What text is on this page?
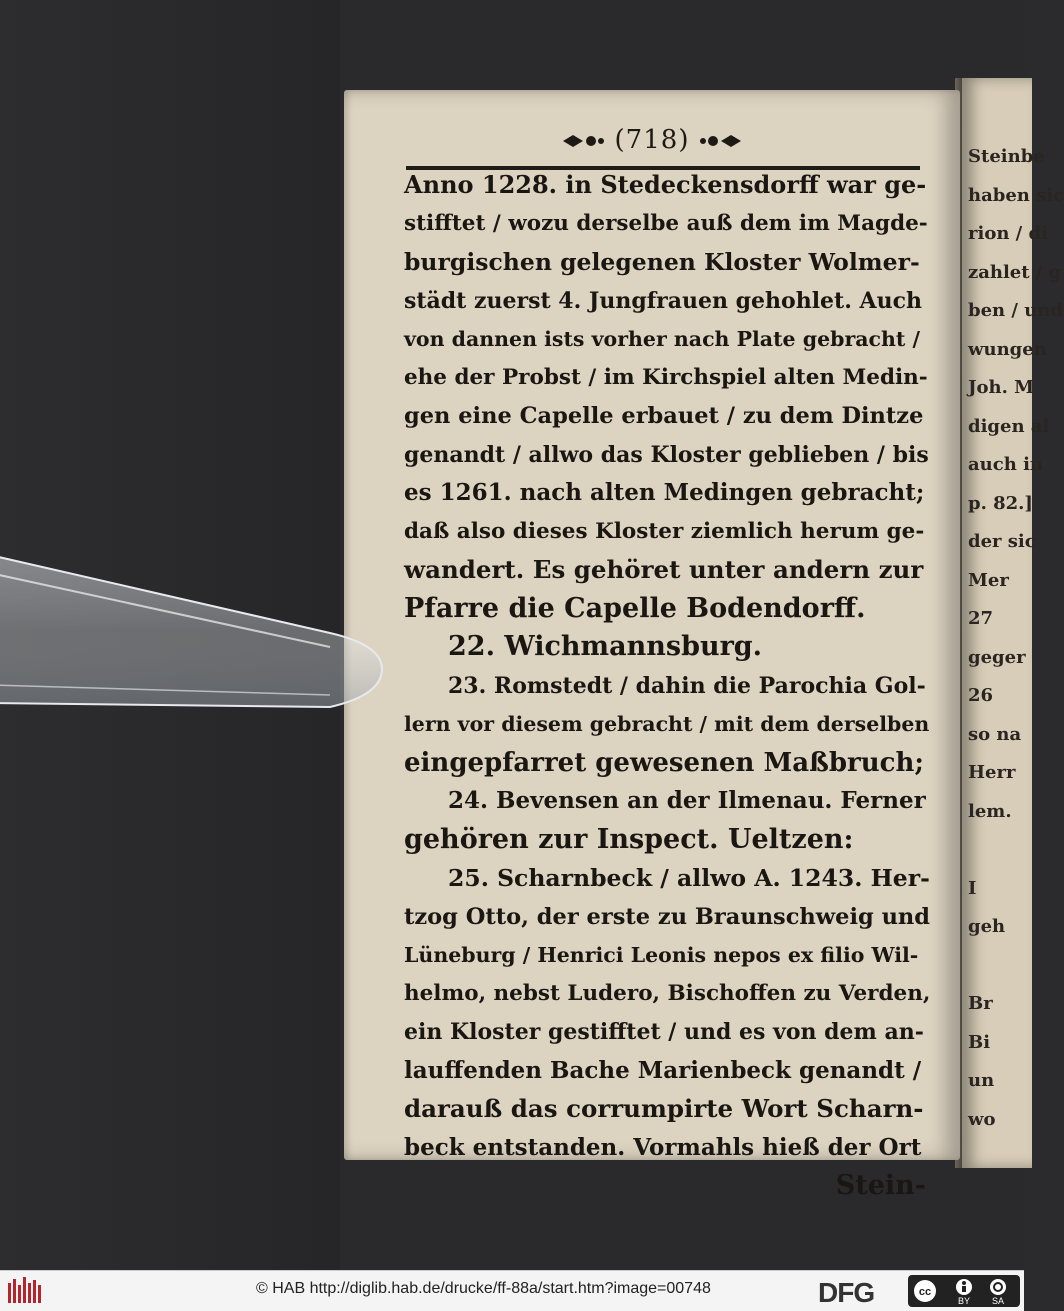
Steinbe
haben sic
rion / di
zahlet / g
ben / und
wungen
Joh. M
digen al
auch in
p. 82.]
der sic
Mer
27
geger
26
so na
Herr
lem.
I
geh
Br
Bi
un
wo
(718)
Anno 1228. in Stedeckensdorff war ge-
stifftet / wozu derselbe auß dem im Magde-
burgischen gelegenen Kloster Wolmer-
städt zuerst 4. Jungfrauen gehohlet. Auch
von dannen ists vorher nach Plate gebracht /
ehe der Probst / im Kirchspiel alten Medin-
gen eine Capelle erbauet / zu dem Dintze
genandt / allwo das Kloster geblieben / bis
es 1261. nach alten Medingen gebracht;
daß also dieses Kloster ziemlich herum ge-
wandert. Es gehöret unter andern zur
Pfarre die Capelle Bodendorff.
22. Wichmannsburg.
23. Romstedt / dahin die Parochia Gol-
lern vor diesem gebracht / mit dem derselben
eingepfarret gewesenen Maßbruch;
24. Bevensen an der Ilmenau. Ferner
gehören zur Inspect. Ueltzen:
25. Scharnbeck / allwo A. 1243. Her-
tzog Otto, der erste zu Braunschweig und
Lüneburg / Henrici Leonis nepos ex filio Wil-
helmo, nebst Ludero, Bischoffen zu Verden,
ein Kloster gestifftet / und es von dem an-
lauffenden Bache Marienbeck genandt /
darauß das corrumpirte Wort Scharn-
beck entstanden. Vormahls hieß der Ort
Stein-
© HAB http://diglib.hab.de/drucke/ff-88a/start.htm?image=00748	DFG	cc
BY SA
